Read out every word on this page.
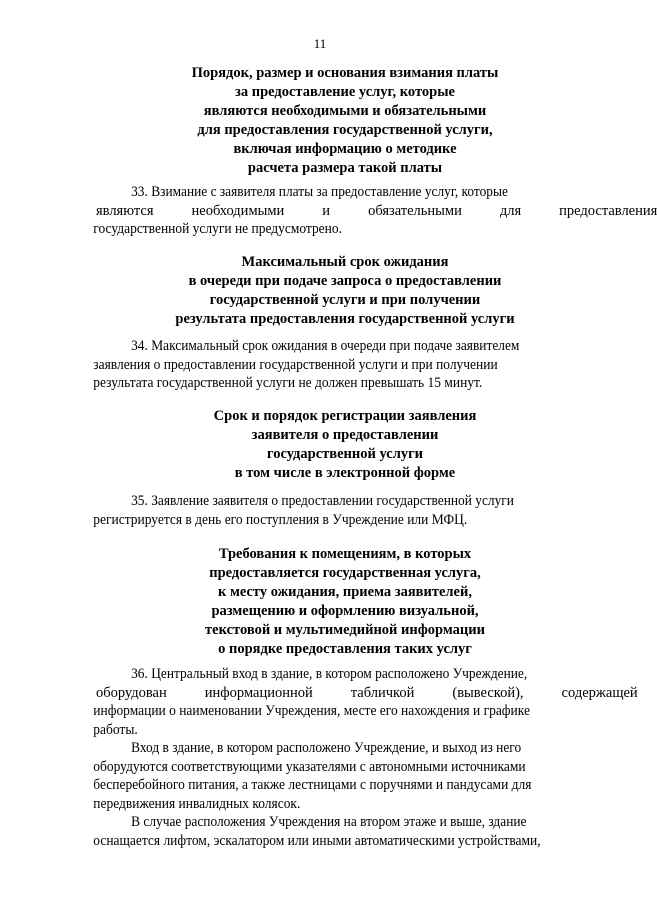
11
Порядок, размер и основания взимания платы
за предоставление услуг, которые
являются необходимыми и обязательными
для предоставления государственной услуги,
включая информацию о методике
расчета размера такой платы
33. Взимание с заявителя платы за предоставление услуг, которые
являются	необходимыми	и	обязательными	для	предоставления
государственной услуги не предусмотрено.
Максимальный срок ожидания
в очереди при подаче запроса о предоставлении
государственной услуги и при получении
результата предоставления государственной услуги
34. Максимальный срок ожидания в очереди при подаче заявителем
заявления о предоставлении государственной услуги и при получении
результата государственной услуги не должен превышать 15 минут.
Срок и порядок регистрации заявления
заявителя о предоставлении
государственной услуги
в том числе в электронной форме
35. Заявление заявителя о предоставлении государственной услуги
регистрируется в день его поступления в Учреждение или МФЦ.
Требования к помещениям, в которых
предоставляется государственная услуга,
к месту ожидания, приема заявителей,
размещению и оформлению визуальной,
текстовой и мультимедийной информации
о порядке предоставления таких услуг
36. Центральный вход в здание, в котором расположено Учреждение,
оборудован	информационной	табличкой	(вывеской),	содержащей
информации о наименовании Учреждения, месте его нахождения и графике
работы.
Вход в здание, в котором расположено Учреждение, и выход из него
оборудуются соответствующими указателями с автономными источниками
бесперебойного питания, а также лестницами с поручнями и пандусами для
передвижения инвалидных колясок.
В случае расположения Учреждения на втором этаже и выше, здание
оснащается лифтом, эскалатором или иными автоматическими устройствами,
